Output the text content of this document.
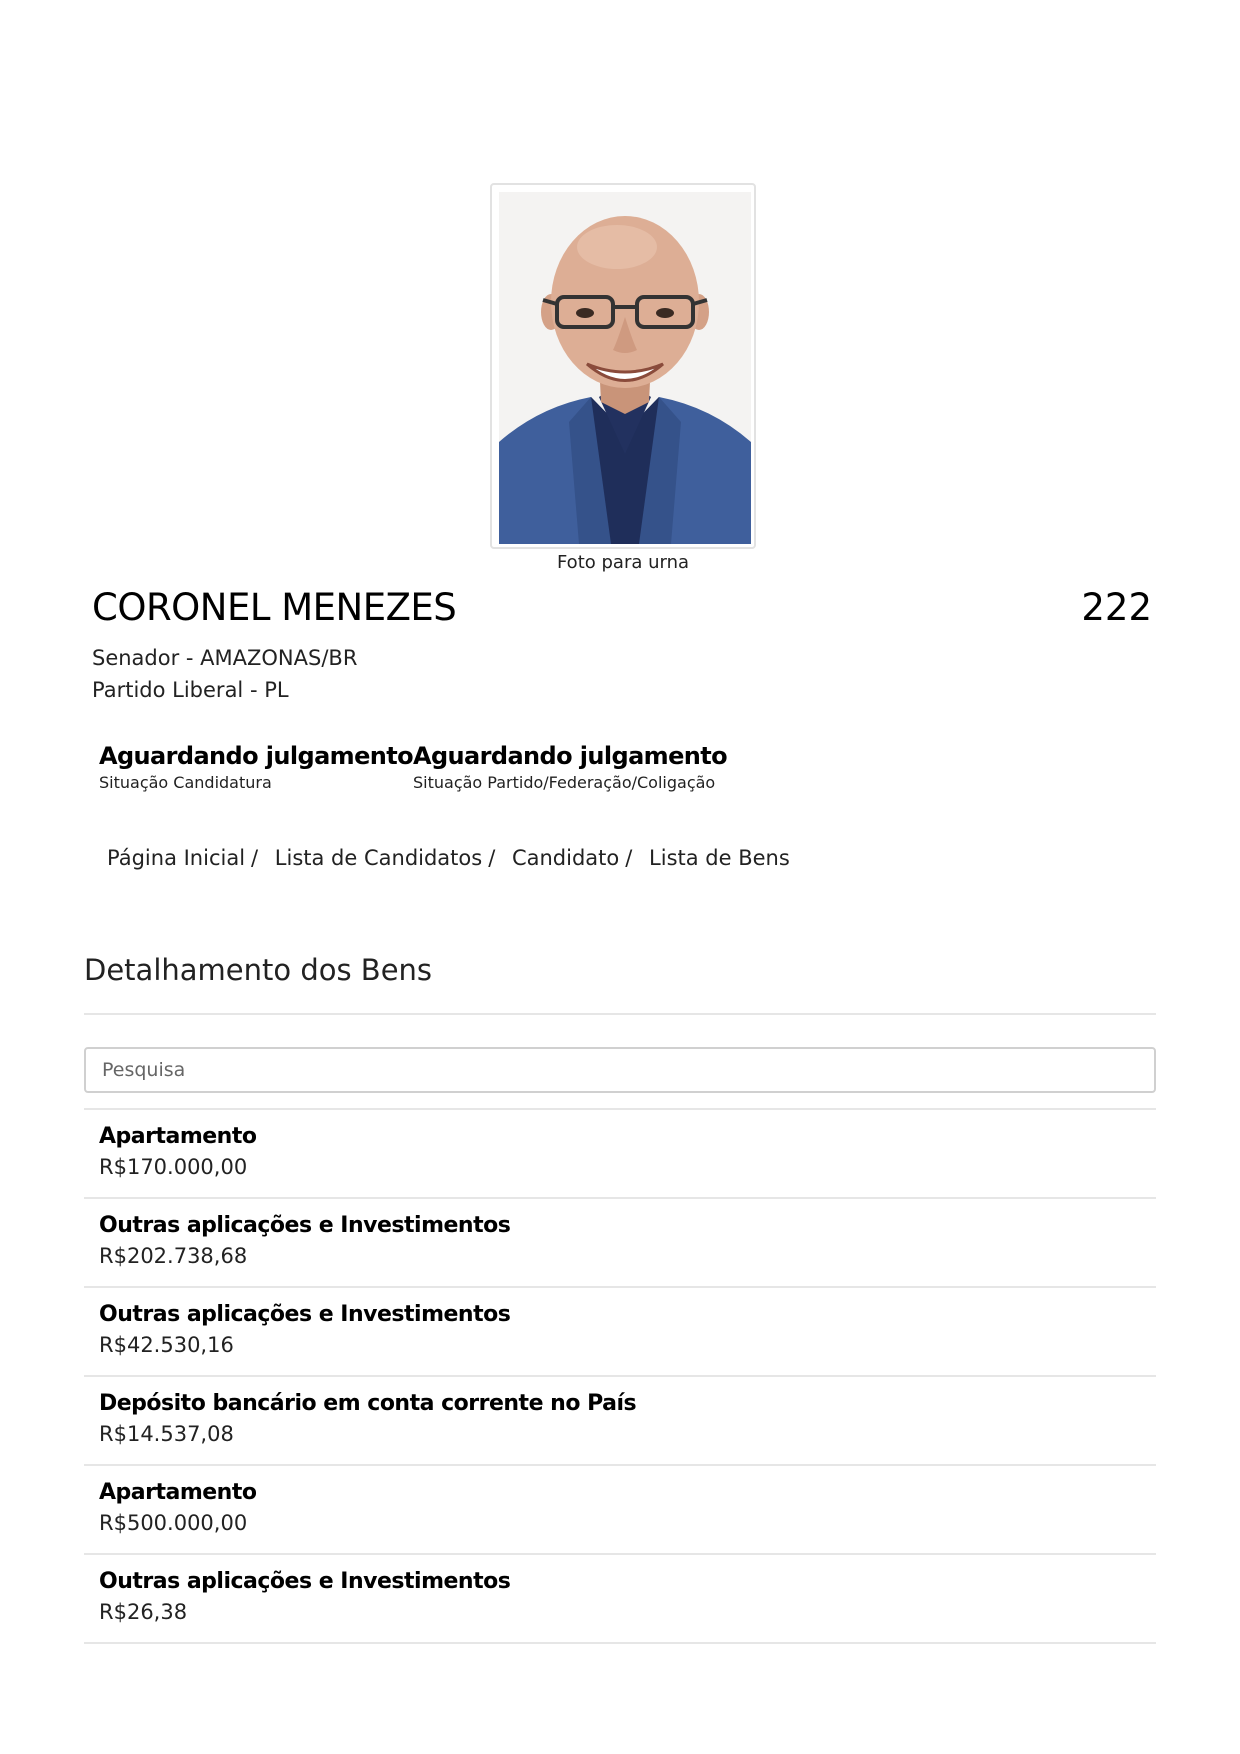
Foto para urna
CORONEL MENEZES	222
Senador - AMAZONAS/BR
Partido Liberal - PL
Aguardando julgamento
Situação Candidatura
Aguardando julgamento
Situação Partido/Federação/Coligação
Página Inicial / Lista de Candidatos / Candidato / Lista de Bens
Detalhamento dos Bens
Pesquisa
Apartamento
R$170.000,00
Outras aplicações e Investimentos
R$202.738,68
Outras aplicações e Investimentos
R$42.530,16
Depósito bancário em conta corrente no País
R$14.537,08
Apartamento
R$500.000,00
Outras aplicações e Investimentos
R$26,38
